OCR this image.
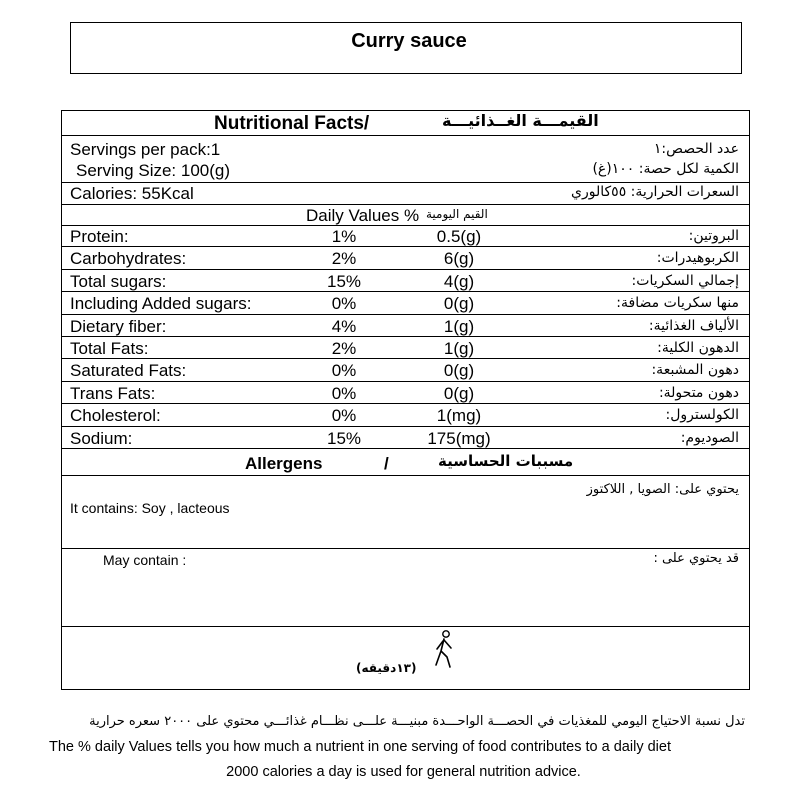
Curry sauce
Nutritional Facts/	القيمـــة الغــذائيـــة
Servings per pack:1	عدد الحصص:١
Serving Size: 100(g)	الكمية لكل حصة: ١٠٠(غ)
Calories: 55Kcal	السعرات الحرارية: ٥٥كالوري
Daily Values % القيم اليومية
Protein:	1%	0.5(g)	البروتين:
Carbohydrates:	2%	6(g)	الكربوهيدرات:
Total sugars:	15%	4(g)	إجمالي السكريات:
Including Added sugars:	0%	0(g)	منها سكريات مضافة:
Dietary fiber:	4%	1(g)	الألياف الغذائية:
Total Fats:	2%	1(g)	الدهون الكلية:
Saturated Fats:	0%	0(g)	دهون المشبعة:
Trans Fats:	0%	0(g)	دهون متحولة:
Cholesterol:	0%	1(mg)	الكولسترول:
Sodium:	15%	175(mg)	الصوديوم:
Allergens	/	مسببات الحساسية
يحتوي على: الصويا , اللاكتوز
It contains: Soy , lacteous
May contain :	قد يحتوي على :
(١٣دقيقه)
تدل نسبة الاحتياج اليومي للمغذيات في الحصـــة الواحـــدة مبنيـــة علـــى نظـــام غذائـــي محتوي على ٢٠٠٠ سعره حرارية
The % daily Values tells you how much a nutrient in one serving of food contributes to a daily diet
2000 calories a day is used for general nutrition advice.
